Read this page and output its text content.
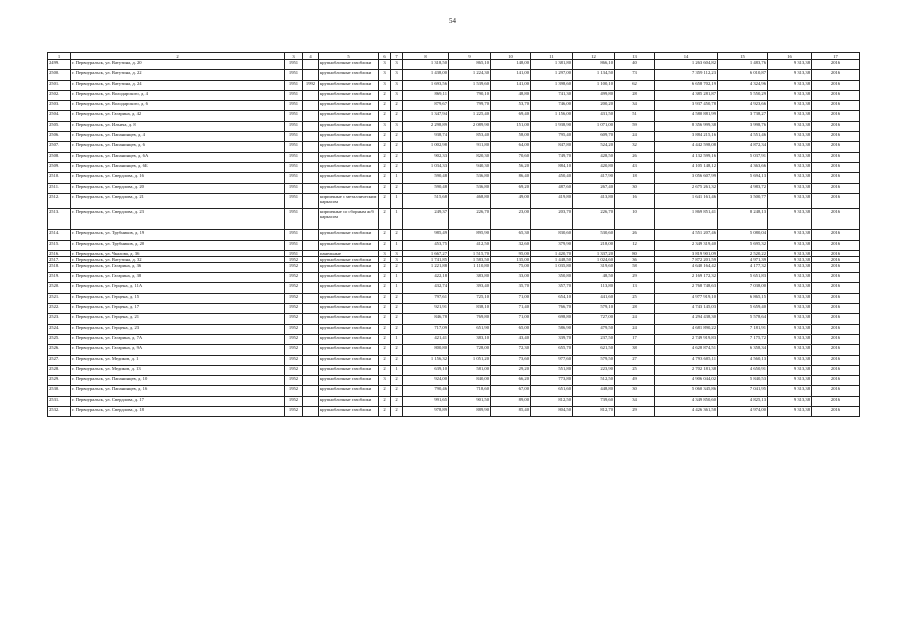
54
1	2	3	4	5	6	7	8	9	10	11	12	13	14	15	16	17
2499.	г. Первоуральск, ул. Ватутина, д. 20	1951		крупноблочные газоблоки	3	3	1 318,50	865,10	148,00	1 381,80	866,10	40	1 263 604,82	1 483,76	9 313,38	2016
2500.	г. Первоуральск, ул. Ватутина, д. 22	1951		крупноблочные газоблоки	3	3	1 438,00	1 224,30	141,00	1 297,00	1 134,50	73	7 359 112,23	6 010,87	9 313,38	2016
2501.	г. Первоуральск, ул. Ватутина, д. 24	1951	1992	крупноблочные газоблоки	3	3	1 693,56	1 539,60	141,00	1 398,60	1 100,10	62	6 658 702,19	4 324,96	9 313,38	2016
2502.	г. Первоуральск, ул. Володарского, д. 4	1951		крупноблочные газоблоки	2	3	869,11	790,10	48,80	741,30	499,80	28	4 385 281,87	5 550,29	9 313,38	2016
2503.	г. Первоуральск, ул. Володарского, д. 6	1951		крупноблочные газоблоки	2	2	879,67	799,70	53,70	746,00	200,20	34	3 937 450,78	4 923,66	9 313,38	2016
2504.	г. Первоуральск, ул. Гагарина, д. 42	1951		крупноблочные газоблоки	2	2	1 347,94	1 225,40	69,40	1 156,00	431,50	51	4 580 881,99	3 738,27	9 313,38	2016
2505.	г. Первоуральск, ул. Ильича, д. 8	1951		крупноблочные газоблоки	3	3	2 298,89	2 089,90	151,00	1 938,90	1 071,00	59	8 356 999,38	3 998,76	9 313,38	2016
2506.	г. Первоуральск, ул. Папанинцев, д. 4	1951		крупноблочные газоблоки	2	2	938,74	853,40	58,00	795,40	609,70	24	3 884 215,16	4 551,46	9 313,38	2016
2507.	г. Первоуральск, ул. Папанинцев, д. 6	1951		крупноблочные газоблоки	2	2	1 002,98	911,80	64,00	847,80	524,20	32	4 442 598,08	4 872,34	9 313,38	2016
2508.	г. Первоуральск, ул. Папанинцев, д. 6А	1951		крупноблочные газоблоки	2	2	902,33	820,30	70,60	749,70	428,50	26	4 132 599,16	5 037,91	9 313,38	2016
2509.	г. Первоуральск, ул. Папанинцев, д. 6Б	1951		крупноблочные газоблоки	2	2	1 034,33	940,30	56,20	884,10	420,80	43	4 105 148,12	4 363,66	9 313,38	2016
2510.	г. Первоуральск, ул. Свердлова, д. 16	1951		крупноблочные газоблоки	2	1	590,48	536,80	86,40	450,40	417,90	18	3 056 607,99	5 694,13	9 313,38	2016
2511.	г. Первоуральск, ул. Свердлова, д. 20	1951		крупноблочные газоблоки	2	2	590,48	536,80	69,20	487,60	267,40	30	2 675 261,32	4 983,72	9 313,38	2016
2512.	г. Первоуральск, ул. Свердлова, д. 21	1951		кирпичные с металлическим каркасом	2	1	515,68	468,80	49,00	419,80	413,80	16	1 641 161,46	3 500,77	9 313,38	2016
2513.	г. Первоуральск, ул. Свердлова, д. 23	1951		кирпичные со сборным ж/б каркасом	2	1	249,37	226,70	23,00	203,70	226,70	10	1 869 851,41	8 248,13	9 313,38	2016
2514.	г. Первоуральск, ул. Трубников, д. 19	1951		крупноблочные газоблоки	2	2	985,49	895,90	65,30	830,60	530,60	26	4 551 207,46	5 080,04	9 313,38	2016
2515.	г. Первоуральск, ул. Трубников, д. 20	1951		крупноблочные газоблоки	2	1	453,75	412,50	32,60	379,90	218,00	12	2 349 319,40	5 695,32	9 313,38	2016
2516.	г. Первоуральск, ул. Чкалова, д. 36	1951		панельные	3	3	1 667,27	1 515,70	95,00	1 420,70	1 337,20	80	3 819 901,09	2 520,22	9 313,38	2016
2517.	г. Первоуральск, ул. Ватутина, д. 32	1952		крупноблочные газоблоки	2	3	1 741,85	1 583,50	135,00	1 448,50	1 024,60	36	7 872 201,59	4 971,39	9 313,38	2016
2518.	г. Первоуральск, ул. Гагарина, д. 36	1952		крупноблочные газоблоки	2	2	1 221,88	1 110,80	75,00	1 035,80	319,60	58	4 640 164,42	4 177,32	9 313,38	2016
2519.	г. Первоуральск, ул. Гагарина, д. 38	1952		крупноблочные газоблоки	2	1	422,18	383,80	33,00	350,80	48,50	29	2 169 172,32	5 651,83	9 313,38	2016
2520.	г. Первоуральск, ул. Герцена, д. 11А	1952		крупноблочные газоблоки	2	1	432,74	393,40	35,70	357,70	113,80	13	2 768 748,63	7 038,00	9 313,38	2016
2521.	г. Первоуральск, ул. Герцена, д. 15	1952		крупноблочные газоблоки	2	2	797,61	725,10	71,00	654,10	441,60	25	4 977 919,10	6 865,15	9 313,38	2016
2522.	г. Первоуральск, ул. Герцена, д. 17	1952		крупноблочные газоблоки	2	2	921,91	838,10	71,40	766,70	579,10	28	4 743 145,03	5 659,40	9 313,38	2016
2523.	г. Первоуральск, ул. Герцена, д. 21	1952		крупноблочные газоблоки	2	2	846,78	769,80	71,00	698,80	727,00	24	4 294 438,30	5 578,64	9 313,38	2016
2524.	г. Первоуральск, ул. Герцена, д. 23	1952		крупноблочные газоблоки	2	2	717,09	651,90	65,00	586,90	479,50	24	4 681 890,22	7 181,91	9 313,38	2016
2525.	г. Первоуральск, ул. Гагарина, д. 7А	1952		крупноблочные газоблоки	2	1	421,41	383,10	43,40	339,70	237,50	17	2 749 919,83	7 175,72	9 313,38	2016
2526.	г. Первоуральск, ул. Гагарина, д. 9А	1952		крупноблочные газоблоки	2	2	800,80	728,00	72,30	655,70	621,50	38	4 628 874,51	6 358,34	9 313,38	2016
2527.	г. Первоуральск, ул. Медиков, д. 1	1952		крупноблочные газоблоки	2	2	1 156,32	1 051,20	73,60	977,60	579,50	27	4 793 605,11	4 560,13	9 313,38	2016
2528.	г. Первоуральск, ул. Медиков, д. 13	1952		крупноблочные газоблоки	2	1	639,10	581,00	29,20	551,80	223,90	25	2 702 181,38	4 650,91	9 313,38	2016
2529.	г. Первоуральск, ул. Папанинцев, д. 10	1952		крупноблочные газоблоки	3	2	924,00	840,00	66,20	773,80	512,50	49	4 906 044,02	5 840,53	9 313,38	2016
2530.	г. Первоуральск, ул. Папанинцев, д. 16	1952		крупноблочные газоблоки	2	2	790,46	718,60	67,00	651,60	448,80	30	5 060 345,86	7 041,95	9 313,38	2016
2531.	г. Первоуральск, ул. Свердлова, д. 17	1952		крупноблочные газоблоки	2	2	991,65	901,50	89,00	812,50	739,60	34	4 349 850,60	4 825,13	9 313,38	2016
2532.	г. Первоуральск, ул. Свердлова, д. 18	1952		крупноблочные газоблоки	2	2	978,89	889,90	85,40	804,50	812,70	29	4 426 361,58	4 974,00	9 313,38	2016
